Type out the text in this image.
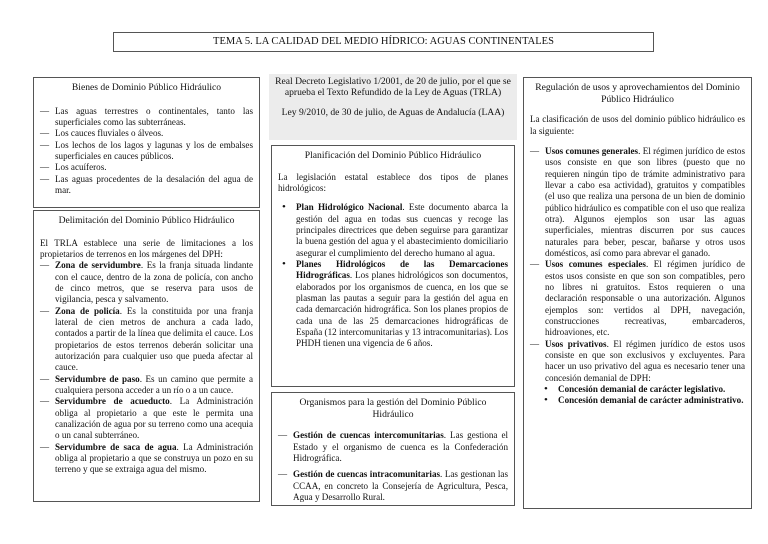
TEMA 5. LA CALIDAD DEL MEDIO HÍDRICO: AGUAS CONTINENTALES
Bienes de Dominio Público Hidráulico
— Las aguas terrestres o continentales, tanto las superficiales como las subterráneas.
— Los cauces fluviales o álveos.
— Los lechos de los lagos y lagunas y los de embalses superficiales en cauces públicos.
— Los acuíferos.
— Las aguas procedentes de la desalación del agua de mar.
Delimitación del Dominio Público Hidráulico
El TRLA establece una serie de limitaciones a los propietarios de terrenos en los márgenes del DPH:
— Zona de servidumbre. Es la franja situada lindante con el cauce, dentro de la zona de policía, con ancho de cinco metros, que se reserva para usos de vigilancia, pesca y salvamento.
— Zona de policía. Es la constituida por una franja lateral de cien metros de anchura a cada lado, contados a partir de la línea que delimita el cauce. Los propietarios de estos terrenos deberán solicitar una autorización para cualquier uso que pueda afectar al cauce.
— Servidumbre de paso. Es un camino que permite a cualquiera persona acceder a un río o a un cauce.
— Servidumbre de acueducto. La Administración obliga al propietario a que este le permita una canalización de agua por su terreno como una acequia o un canal subterráneo.
— Servidumbre de saca de agua. La Administración obliga al propietario a que se construya un pozo en su terreno y que se extraiga agua del mismo.
Real Decreto Legislativo 1/2001, de 20 de julio, por el que se aprueba el Texto Refundido de la Ley de Aguas (TRLA)
Ley 9/2010, de 30 de julio, de Aguas de Andalucía (LAA)
Planificación del Dominio Público Hidráulico
La legislación estatal establece dos tipos de planes hidrológicos:
• Plan Hidrológico Nacional. Este documento abarca la gestión del agua en todas sus cuencas y recoge las principales directrices que deben seguirse para garantizar la buena gestión del agua y el abastecimiento domiciliario asegurar el cumplimiento del derecho humano al agua.
• Planes Hidrológicos de las Demarcaciones Hidrográficas. Los planes hidrológicos son documentos, elaborados por los organismos de cuenca, en los que se plasman las pautas a seguir para la gestión del agua en cada demarcación hidrográfica. Son los planes propios de cada una de las 25 demarcaciones hidrográficas de España (12 intercomunitarias y 13 intracomunitarias). Los PHDH tienen una vigencia de 6 años.
Organismos para la gestión del Dominio Público Hidráulico
— Gestión de cuencas intercomunitarias. Las gestiona el Estado y el organismo de cuenca es la Confederación Hidrográfica.
— Gestión de cuencas intracomunitarias. Las gestionan las CCAA, en concreto la Consejería de Agricultura, Pesca, Agua y Desarrollo Rural.
Regulación de usos y aprovechamientos del Dominio Público Hidráulico
La clasificación de usos del dominio público hidráulico es la siguiente:
— Usos comunes generales. El régimen jurídico de estos usos consiste en que son libres (puesto que no requieren ningún tipo de trámite administrativo para llevar a cabo esa actividad), gratuitos y compatibles (el uso que realiza una persona de un bien de dominio público hidráulico es compatible con el uso que realiza otra). Algunos ejemplos son usar las aguas superficiales, mientras discurren por sus cauces naturales para beber, pescar, bañarse y otros usos domésticos, así como para abrevar el ganado.
— Usos comunes especiales. El régimen jurídico de estos usos consiste en que son son compatibles, pero no libres ni gratuitos. Estos requieren o una declaración responsable o una autorización. Algunos ejemplos son: vertidos al DPH, navegación, construcciones recreativas, embarcaderos, hidroaviones, etc.
— Usos privativos. El régimen jurídico de estos usos consiste en que son exclusivos y excluyentes. Para hacer un uso privativo del agua es necesario tener una concesión demanial de DPH:
• Concesión demanial de carácter legislativo.
• Concesión demanial de carácter administrativo.
